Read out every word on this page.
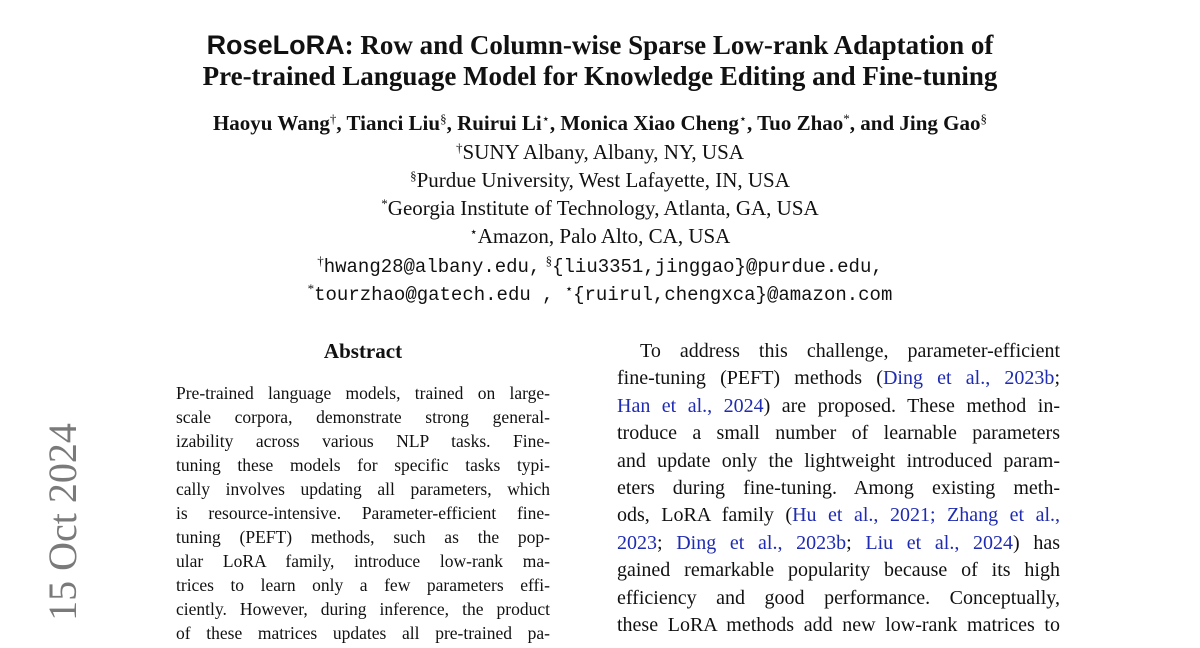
RoseLoRA: Row and Column-wise Sparse Low-rank Adaptation of
Pre-trained Language Model for Knowledge Editing and Fine-tuning
Haoyu Wang†, Tianci Liu§, Ruirui Li⋆, Monica Xiao Cheng⋆, Tuo Zhao*, and Jing Gao§
†SUNY Albany, Albany, NY, USA
§Purdue University, West Lafayette, IN, USA
*Georgia Institute of Technology, Atlanta, GA, USA
⋆Amazon, Palo Alto, CA, USA
†hwang28@albany.edu, §{liu3351,jinggao}@purdue.edu,
*tourzhao@gatech.edu , ⋆{ruirul,chengxca}@amazon.com
15 Oct 2024
Abstract
Pre-trained language models, trained on large-
scale corpora, demonstrate strong general-
izability across various NLP tasks. Fine-
tuning these models for specific tasks typi-
cally involves updating all parameters, which
is resource-intensive. Parameter-efficient fine-
tuning (PEFT) methods, such as the pop-
ular LoRA family, introduce low-rank ma-
trices to learn only a few parameters effi-
ciently. However, during inference, the product
of these matrices updates all pre-trained pa-
To address this challenge, parameter-efficient
fine-tuning (PEFT) methods (Ding et al., 2023b;
Han et al., 2024) are proposed. These method in-
troduce a small number of learnable parameters
and update only the lightweight introduced param-
eters during fine-tuning. Among existing meth-
ods, LoRA family (Hu et al., 2021; Zhang et al.,
2023; Ding et al., 2023b; Liu et al., 2024) has
gained remarkable popularity because of its high
efficiency and good performance. Conceptually,
these LoRA methods add new low-rank matrices to
